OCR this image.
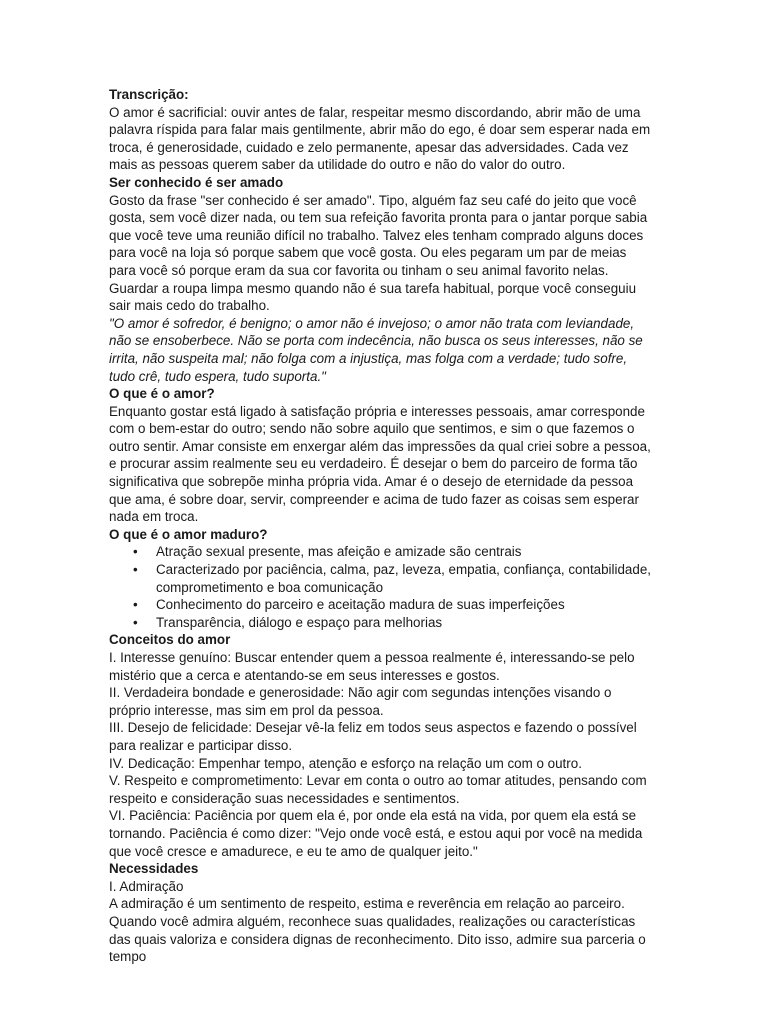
Transcrição:

O amor é sacrificial: ouvir antes de falar, respeitar mesmo discordando, abrir mão de uma palavra ríspida para falar mais gentilmente, abrir mão do ego, é doar sem esperar nada em troca, é generosidade, cuidado e zelo permanente, apesar das adversidades. Cada vez mais as pessoas querem saber da utilidade do outro e não do valor do outro.

Ser conhecido é ser amado

Gosto da frase "ser conhecido é ser amado". Tipo, alguém faz seu café do jeito que você gosta, sem você dizer nada, ou tem sua refeição favorita pronta para o jantar porque sabia que você teve uma reunião difícil no trabalho. Talvez eles tenham comprado alguns doces para você na loja só porque sabem que você gosta. Ou eles pegaram um par de meias para você só porque eram da sua cor favorita ou tinham o seu animal favorito nelas. Guardar a roupa limpa mesmo quando não é sua tarefa habitual, porque você conseguiu sair mais cedo do trabalho.

"O amor é sofredor, é benigno; o amor não é invejoso; o amor não trata com leviandade, não se ensoberbece. Não se porta com indecência, não busca os seus interesses, não se irrita, não suspeita mal; não folga com a injustiça, mas folga com a verdade; tudo sofre, tudo crê, tudo espera, tudo suporta."

O que é o amor?

Enquanto gostar está ligado à satisfação própria e interesses pessoais, amar corresponde com o bem-estar do outro; sendo não sobre aquilo que sentimos, e sim o que fazemos o outro sentir. Amar consiste em enxergar além das impressões da qual criei sobre a pessoa, e procurar assim realmente seu eu verdadeiro. É desejar o bem do parceiro de forma tão significativa que sobrepõe minha própria vida. Amar é o desejo de eternidade da pessoa que ama, é sobre doar, servir, compreender e acima de tudo fazer as coisas sem esperar nada em troca.

O que é o amor maduro?

• Atração sexual presente, mas afeição e amizade são centrais
• Caracterizado por paciência, calma, paz, leveza, empatia, confiança, contabilidade, comprometimento e boa comunicação
• Conhecimento do parceiro e aceitação madura de suas imperfeições
• Transparência, diálogo e espaço para melhorias

Conceitos do amor

I. Interesse genuíno: Buscar entender quem a pessoa realmente é, interessando-se pelo mistério que a cerca e atentando-se em seus interesses e gostos.

II. Verdadeira bondade e generosidade: Não agir com segundas intenções visando o próprio interesse, mas sim em prol da pessoa.

III. Desejo de felicidade: Desejar vê-la feliz em todos seus aspectos e fazendo o possível para realizar e participar disso.

IV. Dedicação: Empenhar tempo, atenção e esforço na relação um com o outro.

V. Respeito e comprometimento: Levar em conta o outro ao tomar atitudes, pensando com respeito e consideração suas necessidades e sentimentos.

VI. Paciência: Paciência por quem ela é, por onde ela está na vida, por quem ela está se tornando. Paciência é como dizer: "Vejo onde você está, e estou aqui por você na medida que você cresce e amadurece, e eu te amo de qualquer jeito."

Necessidades

I. Admiração

A admiração é um sentimento de respeito, estima e reverência em relação ao parceiro. Quando você admira alguém, reconhece suas qualidades, realizações ou características das quais valoriza e considera dignas de reconhecimento. Dito isso, admire sua parceria o tempo
